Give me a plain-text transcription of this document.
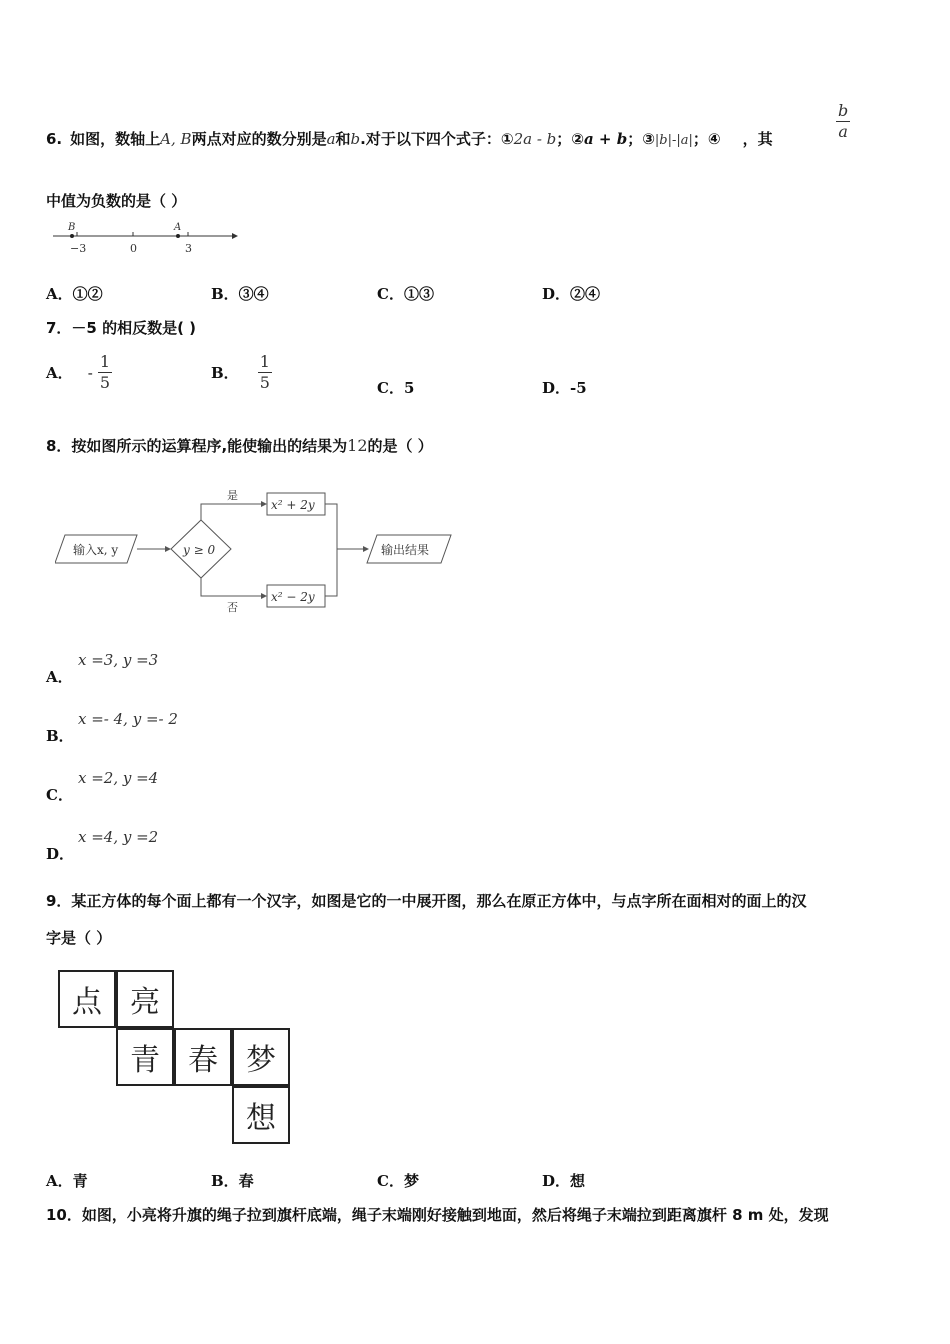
$\frac{b}{a}$
6. 如图，数轴上A, B两点对应的数分别是a和b.对于以下四个式子：①2a - b；②a + b；③|b|-|a|；④ ，其
中值为负数的是（ ）
B	A
−3	0	3
A．①②	B．③④	C．①③	D．②④
7．－5 的相反数是( )
A． - $\frac{1}{5}$	B． $\frac{1}{5}$	C．5	D．-5
8．按如图所示的运算程序,能使输出的结果为12的是（ ）
输入x, y	y ≥ 0
是
x² + 2y
否
x² − 2y
输出结果
x =3, y =3
A．
x =- 4, y =- 2
B．
x =2, y =4
C．
x =4, y =2
D．
9．某正方体的每个面上都有一个汉字，如图是它的一中展开图，那么在原正方体中，与点字所在面相对的面上的汉
字是（ ）
点 亮
青 春 梦
想
A．青	B．春	C．梦	D．想
10．如图，小亮将升旗的绳子拉到旗杆底端，绳子末端刚好接触到地面，然后将绳子末端拉到距离旗杆 8 m 处，发现
